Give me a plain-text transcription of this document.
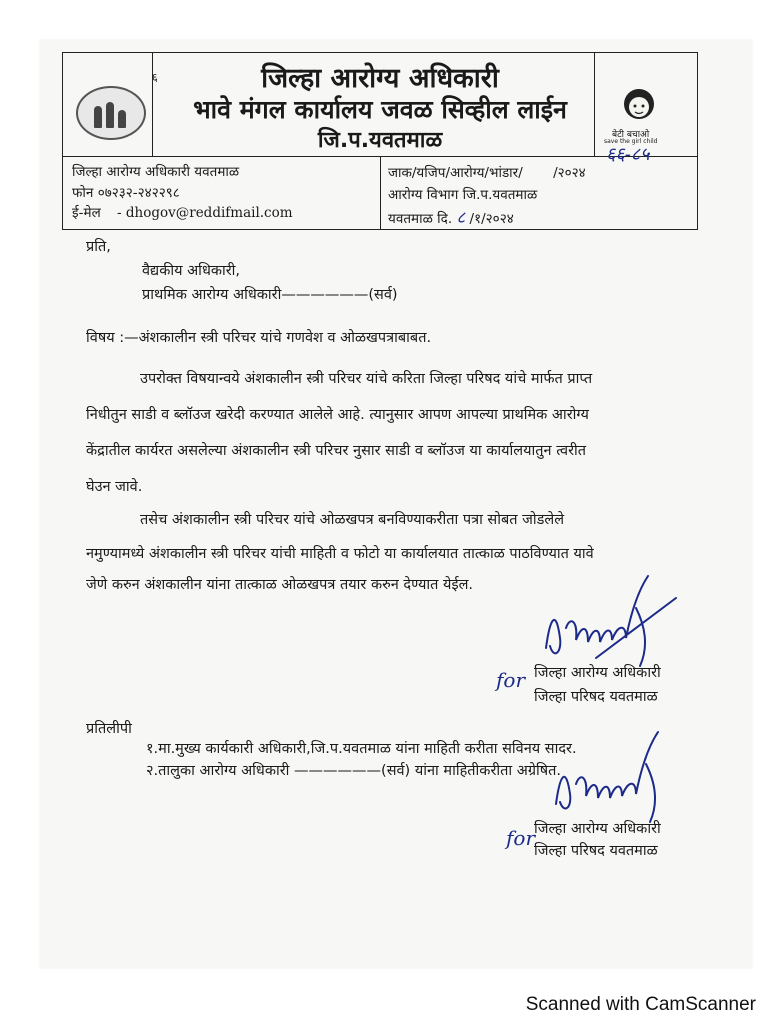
६	जिल्हा आरोग्य अधिकारी
भावे मंगल कार्यालय जवळ सिव्हील लाईन
जि.प.यवतमाळ	बेटी बचाओ
save the girl child
६६-८५
जिल्हा आरोग्य अधिकारी यवतमाळ
फोन ०७२३२-२४२२९८
ई-मेल - dhogov@reddifmail.com
जाक/यजिप/आरोग्य/भांडार/ /२०२४
आरोग्य विभाग जि.प.यवतमाळ
यवतमाळ दि. ८ /१/२०२४
प्रति,
वैद्यकीय अधिकारी,
प्राथमिक आरोग्य अधिकारी——————(सर्व)
विषय :—अंशकालीन स्त्री परिचर यांचे गणवेश व ओळखपत्राबाबत.
उपरोक्त विषयान्वये अंशकालीन स्त्री परिचर यांचे करिता जिल्हा परिषद यांचे मार्फत प्राप्त
निधीतुन साडी व ब्लॉउज खरेदी करण्यात आलेले आहे. त्यानुसार आपण आपल्या प्राथमिक आरोग्य
केंद्रातील कार्यरत असलेल्या अंशकालीन स्त्री परिचर नुसार साडी व ब्लॉउज या कार्यालयातुन त्वरीत
घेउन जावे.
तसेच अंशकालीन स्त्री परिचर यांचे ओळखपत्र बनविण्याकरीता पत्रा सोबत जोडलेले
नमुण्यामध्ये अंशकालीन स्त्री परिचर यांची माहिती व फोटो या कार्यालयात तात्काळ पाठविण्यात यावे
जेणे करुन अंशकालीन यांना तात्काळ ओळखपत्र तयार करुन देण्यात येईल.
for जिल्हा आरोग्य अधिकारी
जिल्हा परिषद यवतमाळ
प्रतिलीपी
१.मा.मुख्य कार्यकारी अधिकारी,जि.प.यवतमाळ यांना माहिती करीता सविनय सादर.
२.तालुका आरोग्य अधिकारी ——————(सर्व) यांना माहितीकरीता अग्रेषित.
for
जिल्हा आरोग्य अधिकारी
जिल्हा परिषद यवतमाळ
Scanned with CamScanner
